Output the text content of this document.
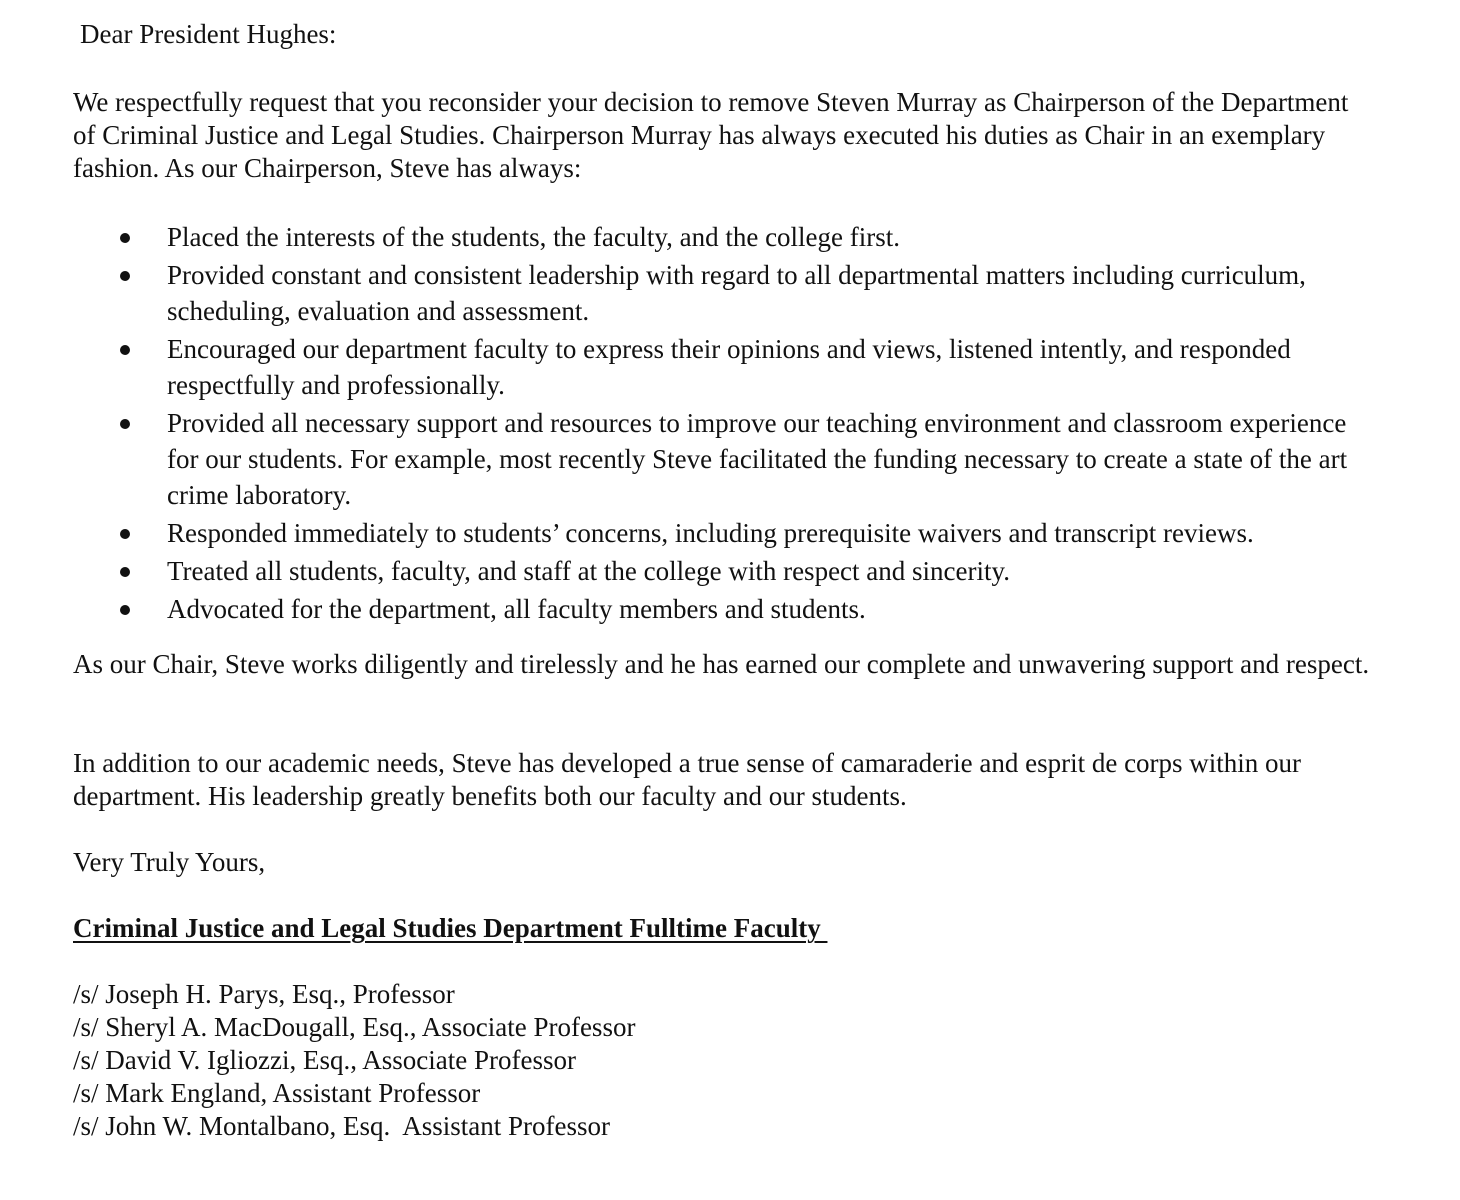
Dear President Hughes:

We respectfully request that you reconsider your decision to remove Steven Murray as Chairperson of the Department of Criminal Justice and Legal Studies. Chairperson Murray has always executed his duties as Chair in an exemplary fashion. As our Chairperson, Steve has always:

Placed the interests of the students, the faculty, and the college first.
Provided constant and consistent leadership with regard to all departmental matters including curriculum, scheduling, evaluation and assessment.
Encouraged our department faculty to express their opinions and views, listened intently, and responded respectfully and professionally.
Provided all necessary support and resources to improve our teaching environment and classroom experience for our students. For example, most recently Steve facilitated the funding necessary to create a state of the art crime laboratory.
Responded immediately to students’ concerns, including prerequisite waivers and transcript reviews.
Treated all students, faculty, and staff at the college with respect and sincerity.
Advocated for the department, all faculty members and students.

As our Chair, Steve works diligently and tirelessly and he has earned our complete and unwavering support and respect.

In addition to our academic needs, Steve has developed a true sense of camaraderie and esprit de corps within our department. His leadership greatly benefits both our faculty and our students.

Very Truly Yours,
Criminal Justice and Legal Studies Department Fulltime Faculty
/s/ Joseph H. Parys, Esq., Professor
/s/ Sheryl A. MacDougall, Esq., Associate Professor
/s/ David V. Igliozzi, Esq., Associate Professor
/s/ Mark England, Assistant Professor
/s/ John W. Montalbano, Esq.  Assistant Professor
